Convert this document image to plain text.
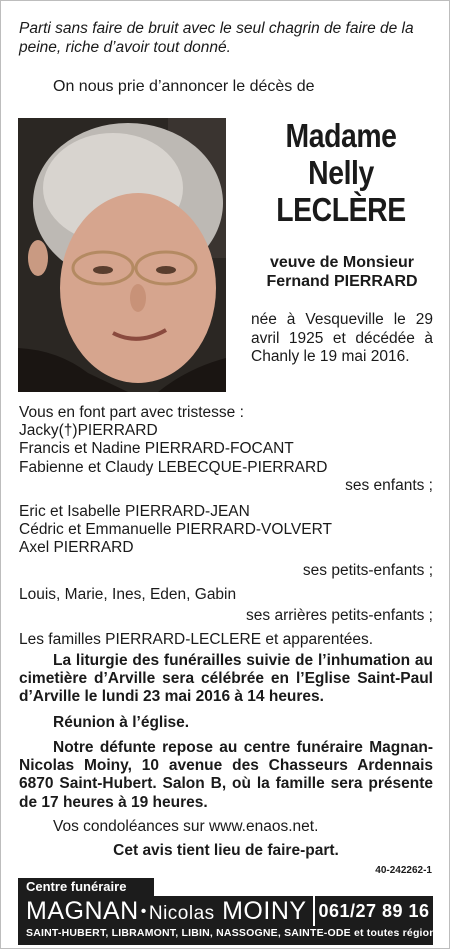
Parti sans faire de bruit avec le seul chagrin de faire de la peine, riche d’avoir tout donné.
On nous prie d’annoncer le décès de
Madame
Nelly
LECLÈRE
veuve de Monsieur
Fernand PIERRARD
née à Vesqueville le 29 avril 1925 et décédée à Chanly le 19 mai 2016.
Vous en font part avec tristesse :
Jacky(†)PIERRARD
Francis et Nadine PIERRARD-FOCANT
Fabienne et Claudy LEBECQUE-PIERRARD
ses enfants ;
Eric et Isabelle PIERRARD-JEAN
Cédric et Emmanuelle PIERRARD-VOLVERT
Axel PIERRARD
ses petits-enfants ;
Louis, Marie, Ines, Eden, Gabin
ses arrières petits-enfants ;
Les familles PIERRARD-LECLERE et apparentées.
La liturgie des funérailles suivie de l’inhumation au cimetière d’Arville sera célébrée en l’Eglise Saint-Paul d’Arville le lundi 23 mai 2016 à 14 heures.
Réunion à l’église.
Notre défunte repose au centre funéraire Magnan-Nicolas Moiny, 10 avenue des Chasseurs Ardennais 6870 Saint-Hubert. Salon B, où la famille sera présente de 17 heures à 19 heures.
Vos condoléances sur www.enaos.net.
Cet avis tient lieu de faire-part.
40-242262-1
Centre funéraire
MAGNAN • Nicolas MOINY 061/27 89 16
SAINT-HUBERT, LIBRAMONT, LIBIN, NASSOGNE, SAINTE-ODE et toutes régions
